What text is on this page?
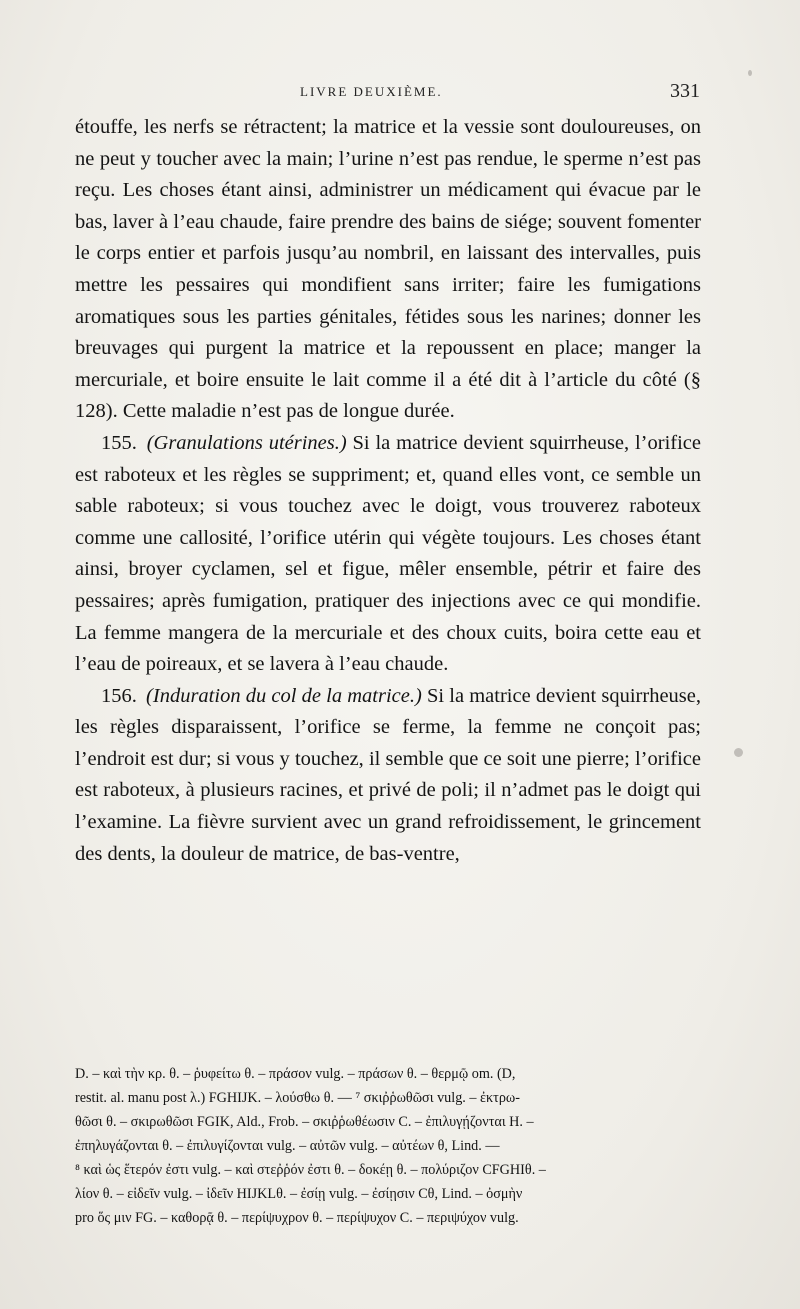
LIVRE DEUXIÈME.	331

étouffe, les nerfs se rétractent; la matrice et la vessie sont douloureuses, on ne peut y toucher avec la main; l’urine n’est pas rendue, le sperme n’est pas reçu. Les choses étant ainsi, administrer un médicament qui évacue par le bas, laver à l’eau chaude, faire prendre des bains de siége; souvent fomenter le corps entier et parfois jusqu’au nombril, en laissant des intervalles, puis mettre les pessaires qui mondifient sans irriter; faire les fumigations aromatiques sous les parties génitales, fétides sous les narines; donner les breuvages qui purgent la matrice et la repoussent en place; manger la mercuriale, et boire ensuite le lait comme il a été dit à l’article du côté (§ 128). Cette maladie n’est pas de longue durée.

155. (Granulations utérines.) Si la matrice devient squirrheuse, l’orifice est raboteux et les règles se suppriment; et, quand elles vont, ce semble un sable raboteux; si vous touchez avec le doigt, vous trouverez raboteux comme une callosité, l’orifice utérin qui végète toujours. Les choses étant ainsi, broyer cyclamen, sel et figue, mêler ensemble, pétrir et faire des pessaires; après fumigation, pratiquer des injections avec ce qui mondifie. La femme mangera de la mercuriale et des choux cuits, boira cette eau et l’eau de poireaux, et se lavera à l’eau chaude.

156. (Induration du col de la matrice.) Si la matrice devient squirrheuse, les règles disparaissent, l’orifice se ferme, la femme ne conçoit pas; l’endroit est dur; si vous y touchez, il semble que ce soit une pierre; l’orifice est raboteux, à plusieurs racines, et privé de poli; il n’admet pas le doigt qui l’examine. La fièvre survient avec un grand refroidissement, le grincement des dents, la douleur de matrice, de bas-ventre,

D. – καὶ τὴν κρ. θ. – ῥυφείτω θ. – πράσον vulg. – πράσων θ. – θερμῷ om. (D,
restit. al. manu post λ.) FGHIJK. – λούσθω θ. — ⁷ σκιῤῥωθῶσι vulg. – ἐκτρω-
θῶσι θ. – σκιρωθῶσι FGIK, Ald., Frob. – σκιῤῥωθέωσιν C. – ἐπιλυγῄζονται H. –
ἐπηλυγάζονται θ. – ἐπιλυγίζονται vulg. – αὐτῶν vulg. – αὐτέων θ, Lind. —
⁸ καὶ ὡς ἕτερόν ἐστι vulg. – καὶ στεῤῥόν ἐστι θ. – δοκέῃ θ. – πολύριζον CFGHIθ. –
λίον θ. – εἰδεῖν vulg. – ἰδεῖν HIJKLθ. – ἐσίῃ vulg. – ἐσίῃσιν Cθ, Lind. – ὀσμὴν
pro ὅς μιν FG. – καθορᾷ θ. – περίψυχρον θ. – περίψυχον C. – περιψύχον vulg.
